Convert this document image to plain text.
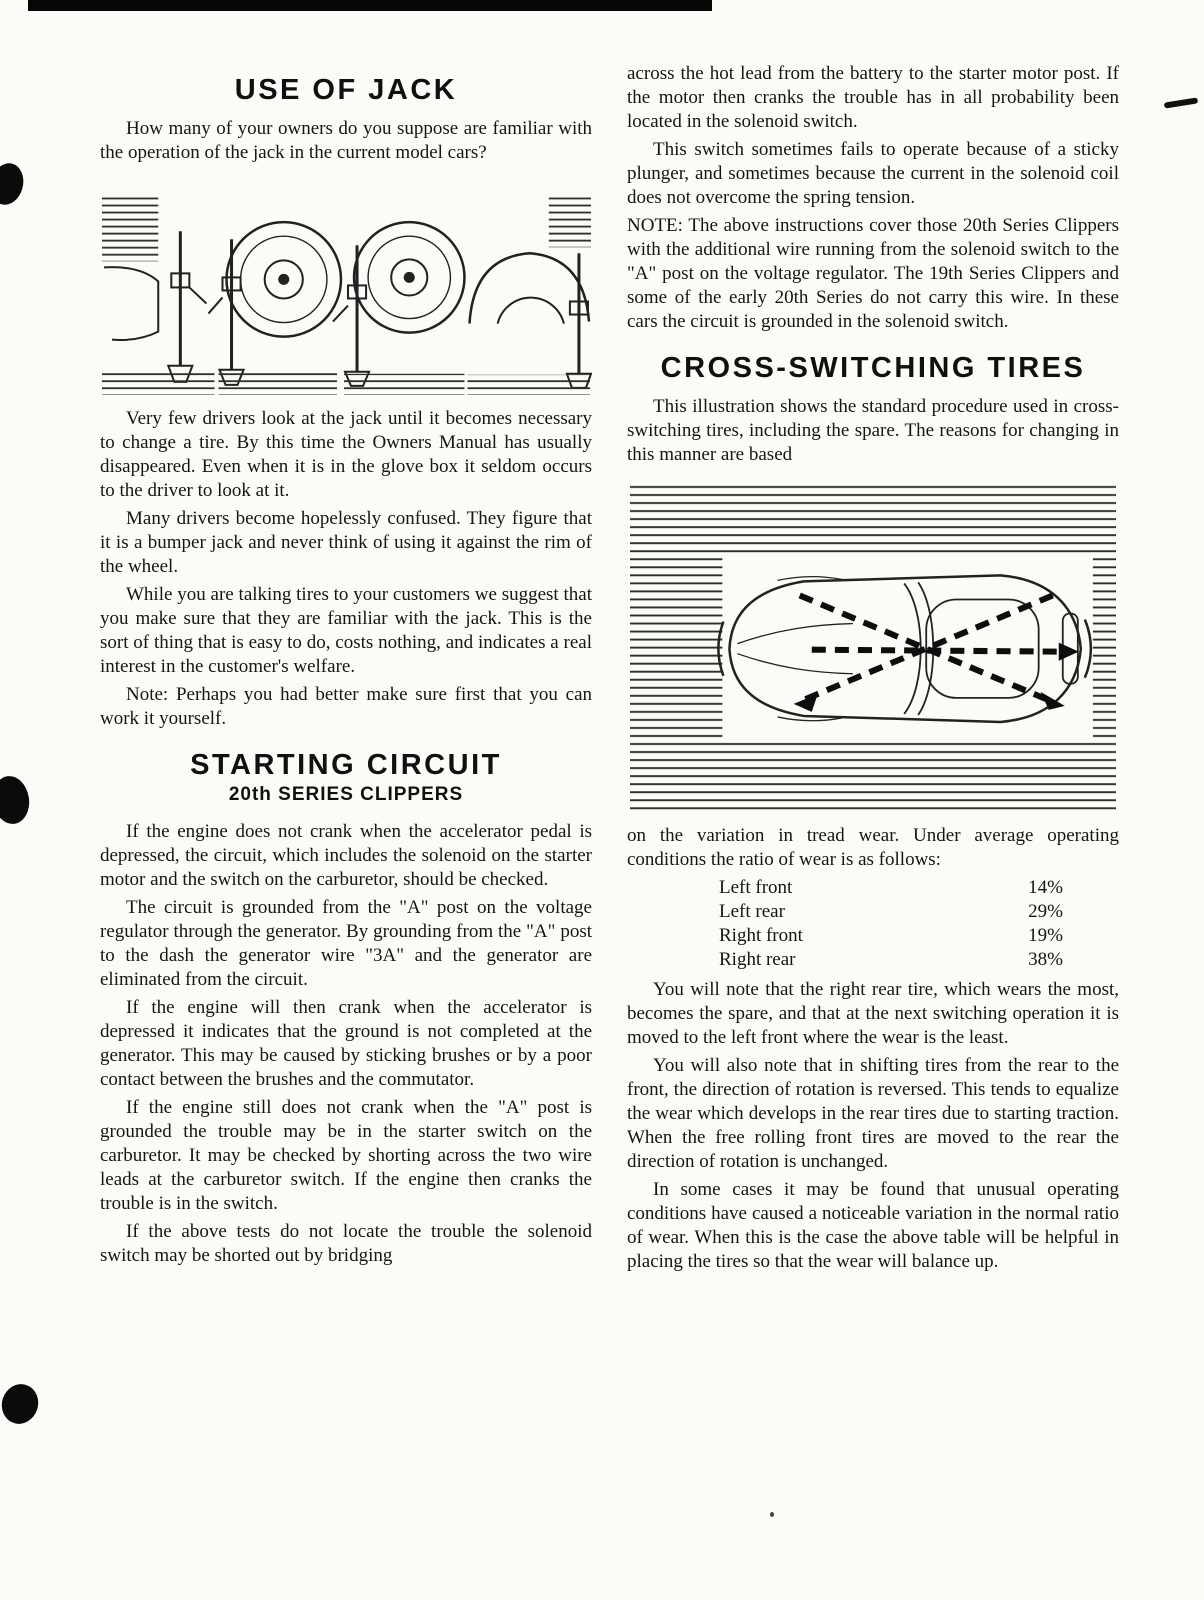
USE OF JACK

How many of your owners do you suppose are familiar with the operation of the jack in the current model cars?

Very few drivers look at the jack until it becomes necessary to change a tire. By this time the Owners Manual has usually disappeared. Even when it is in the glove box it seldom occurs to the driver to look at it.

Many drivers become hopelessly confused. They figure that it is a bumper jack and never think of using it against the rim of the wheel.

While you are talking tires to your customers we suggest that you make sure that they are familiar with the jack. This is the sort of thing that is easy to do, costs nothing, and indicates a real interest in the customer's welfare.

Note: Perhaps you had better make sure first that you can work it yourself.

STARTING CIRCUIT
20th SERIES CLIPPERS

If the engine does not crank when the accelerator pedal is depressed, the circuit, which includes the solenoid on the starter motor and the switch on the carburetor, should be checked.

The circuit is grounded from the "A" post on the voltage regulator through the generator. By grounding from the "A" post to the dash the generator wire "3A" and the generator are eliminated from the circuit.

If the engine will then crank when the accelerator is depressed it indicates that the ground is not completed at the generator. This may be caused by sticking brushes or by a poor contact between the brushes and the commutator.

If the engine still does not crank when the "A" post is grounded the trouble may be in the starter switch on the carburetor. It may be checked by shorting across the two wire leads at the carburetor switch. If the engine then cranks the trouble is in the switch.

If the above tests do not locate the trouble the solenoid switch may be shorted out by bridging

across the hot lead from the battery to the starter motor post. If the motor then cranks the trouble has in all probability been located in the solenoid switch.

This switch sometimes fails to operate because of a sticky plunger, and sometimes because the current in the solenoid coil does not overcome the spring tension.

NOTE: The above instructions cover those 20th Series Clippers with the additional wire running from the solenoid switch to the "A" post on the voltage regulator. The 19th Series Clippers and some of the early 20th Series do not carry this wire. In these cars the circuit is grounded in the solenoid switch.

CROSS-SWITCHING TIRES

This illustration shows the standard procedure used in cross-switching tires, including the spare. The reasons for changing in this manner are based

on the variation in tread wear. Under average operating conditions the ratio of wear is as follows:

Left front	14%
Left rear	29%
Right front	19%
Right rear	38%

You will note that the right rear tire, which wears the most, becomes the spare, and that at the next switching operation it is moved to the left front where the wear is the least.

You will also note that in shifting tires from the rear to the front, the direction of rotation is reversed. This tends to equalize the wear which develops in the rear tires due to starting traction. When the free rolling front tires are moved to the rear the direction of rotation is unchanged.

In some cases it may be found that unusual operating conditions have caused a noticeable variation in the normal ratio of wear. When this is the case the above table will be helpful in placing the tires so that the wear will balance up.
